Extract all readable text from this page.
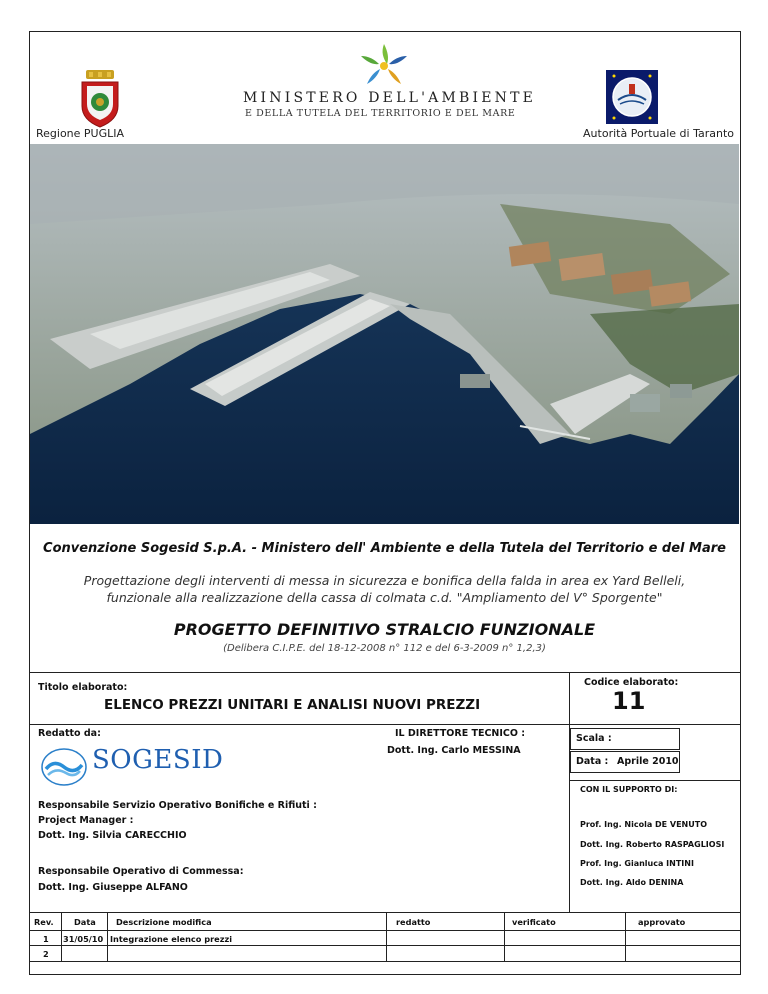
MINISTERO DELL'AMBIENTE
E DELLA TUTELA DEL TERRITORIO E DEL MARE
Regione PUGLIA	Autorità Portuale di Taranto
Convenzione Sogesid S.p.A. - Ministero dell' Ambiente e della Tutela del Territorio e del Mare
Progettazione degli interventi di messa in sicurezza e bonifica della falda in area ex Yard Belleli,
funzionale alla realizzazione della cassa di colmata c.d. "Ampliamento del V° Sporgente"
PROGETTO DEFINITIVO STRALCIO FUNZIONALE
(Delibera C.I.P.E. del 18-12-2008 n° 112 e del 6-3-2009 n° 1,2,3)
Titolo elaborato:
ELENCO PREZZI UNITARI E ANALISI NUOVI PREZZI
Codice elaborato:
11
Redatto da:
SOGESID
IL DIRETTORE TECNICO :
Dott. Ing. Carlo MESSINA
Scala :
Data : Aprile 2010
CON IL SUPPORTO DI:
Prof. Ing. Nicola DE VENUTO
Dott. Ing. Roberto RASPAGLIOSI
Prof. Ing. Gianluca INTINI
Dott. Ing. Aldo DENINA
Responsabile Servizio Operativo Bonifiche e Rifiuti :
Project Manager :
Dott. Ing. Silvia CARECCHIO
Responsabile Operativo di Commessa:
Dott. Ing. Giuseppe ALFANO
Rev. Data Descrizione modifica	redatto	verificato	approvato
1 31/05/10 Integrazione elenco prezzi
2
